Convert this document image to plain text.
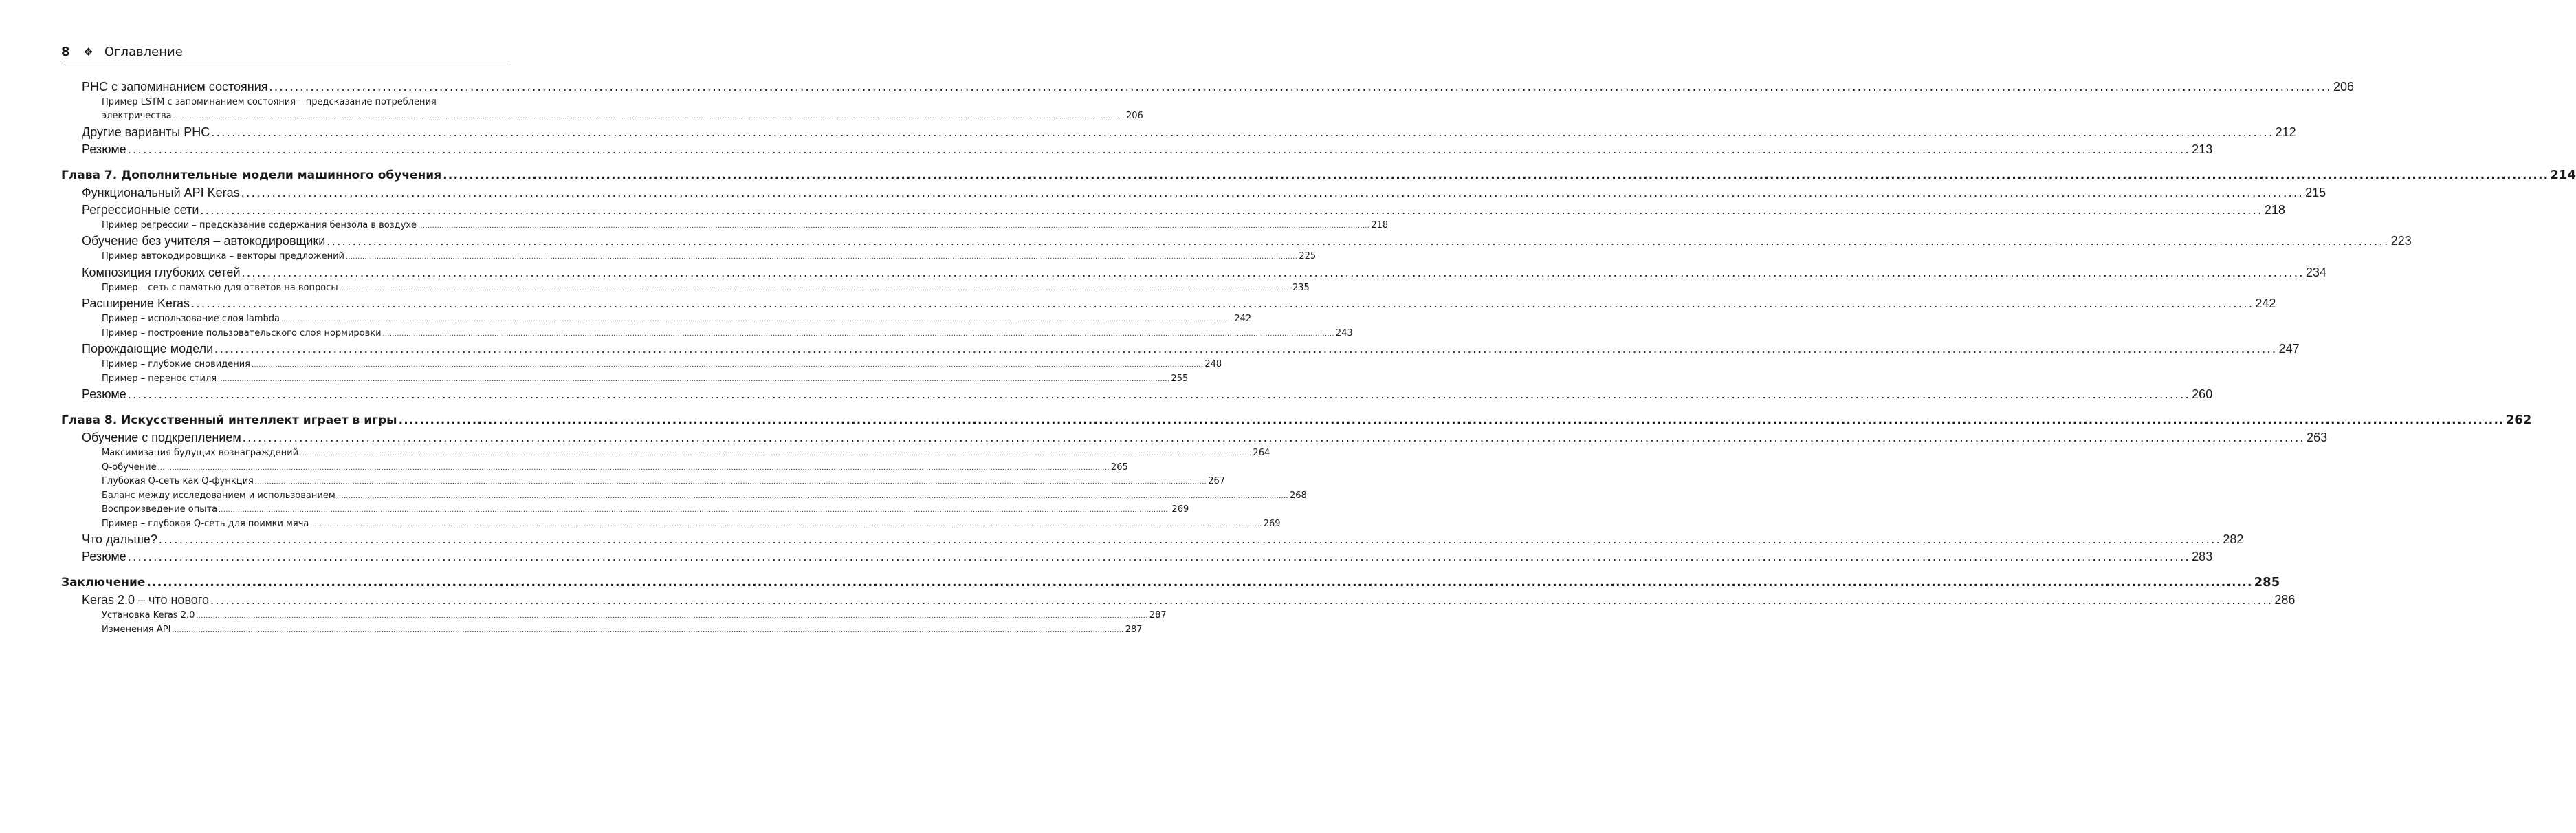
8 ❖ Оглавление
РНС с запоминанием состояния ................................................................................................................................................................................................................................................................................................................................................................................................................ 206
Пример LSTM с запоминанием состояния – предсказание потребления
электричества ................................................................................................................................................................................................................................................................................................................................................................................................................ 206
Другие варианты РНС ................................................................................................................................................................................................................................................................................................................................................................................................................ 212
Резюме ................................................................................................................................................................................................................................................................................................................................................................................................................ 213
Глава 7. Дополнительные модели машинного обучения ................................................................................................................................................................................................................................................................................................................................................................................................................ 214
Функциональный API Keras ................................................................................................................................................................................................................................................................................................................................................................................................................ 215
Регрессионные сети ................................................................................................................................................................................................................................................................................................................................................................................................................ 218
Пример регрессии – предсказание содержания бензола в воздухе ................................................................................................................................................................................................................................................................................................................................................................................................................ 218
Обучение без учителя – автокодировщики ................................................................................................................................................................................................................................................................................................................................................................................................................ 223
Пример автокодировщика – векторы предложений ................................................................................................................................................................................................................................................................................................................................................................................................................ 225
Композиция глубоких сетей ................................................................................................................................................................................................................................................................................................................................................................................................................ 234
Пример – сеть с памятью для ответов на вопросы ................................................................................................................................................................................................................................................................................................................................................................................................................ 235
Расширение Keras ................................................................................................................................................................................................................................................................................................................................................................................................................ 242
Пример – использование слоя lambda ................................................................................................................................................................................................................................................................................................................................................................................................................ 242
Пример – построение пользовательского слоя нормировки ................................................................................................................................................................................................................................................................................................................................................................................................................ 243
Порождающие модели ................................................................................................................................................................................................................................................................................................................................................................................................................ 247
Пример – глубокие сновидения ................................................................................................................................................................................................................................................................................................................................................................................................................ 248
Пример – перенос стиля ................................................................................................................................................................................................................................................................................................................................................................................................................ 255
Резюме ................................................................................................................................................................................................................................................................................................................................................................................................................ 260
Глава 8. Искусственный интеллект играет в игры ................................................................................................................................................................................................................................................................................................................................................................................................................ 262
Обучение с подкреплением ................................................................................................................................................................................................................................................................................................................................................................................................................ 263
Максимизация будущих вознаграждений ................................................................................................................................................................................................................................................................................................................................................................................................................ 264
Q-обучение ................................................................................................................................................................................................................................................................................................................................................................................................................ 265
Глубокая Q-сеть как Q-функция ................................................................................................................................................................................................................................................................................................................................................................................................................ 267
Баланс между исследованием и использованием ................................................................................................................................................................................................................................................................................................................................................................................................................ 268
Воспроизведение опыта ................................................................................................................................................................................................................................................................................................................................................................................................................ 269
Пример – глубокая Q-сеть для поимки мяча ................................................................................................................................................................................................................................................................................................................................................................................................................ 269
Что дальше? ................................................................................................................................................................................................................................................................................................................................................................................................................ 282
Резюме ................................................................................................................................................................................................................................................................................................................................................................................................................ 283
Заключение ................................................................................................................................................................................................................................................................................................................................................................................................................ 285
Keras 2.0 – что нового ................................................................................................................................................................................................................................................................................................................................................................................................................ 286
Установка Keras 2.0 ................................................................................................................................................................................................................................................................................................................................................................................................................ 287
Изменения API ................................................................................................................................................................................................................................................................................................................................................................................................................ 287
